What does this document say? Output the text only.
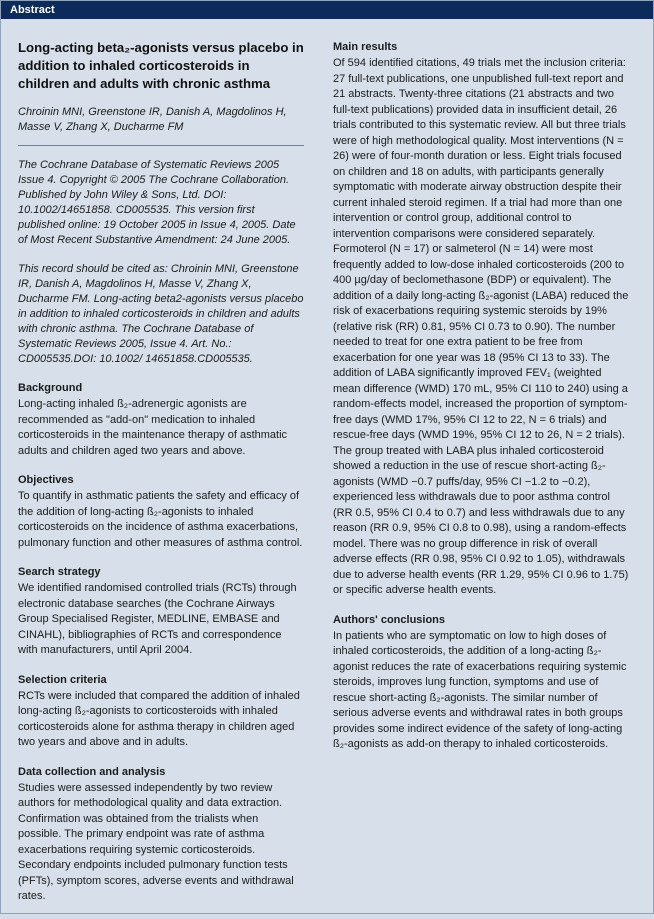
Abstract
Long-acting beta₂-agonists versus placebo in addition to inhaled corticosteroids in children and adults with chronic asthma
Chroinin MNI, Greenstone IR, Danish A, Magdolinos H, Masse V, Zhang X, Ducharme FM

The Cochrane Database of Systematic Reviews 2005 Issue 4. Copyright © 2005 The Cochrane Collaboration. Published by John Wiley & Sons, Ltd. DOI: 10.1002/14651858. CD005535. This version first published online: 19 October 2005 in Issue 4, 2005. Date of Most Recent Substantive Amendment: 24 June 2005.

This record should be cited as: Chroinin MNI, Greenstone IR, Danish A, Magdolinos H, Masse V, Zhang X, Ducharme FM. Long-acting beta2-agonists versus placebo in addition to inhaled corticosteroids in children and adults with chronic asthma. The Cochrane Database of Systematic Reviews 2005, Issue 4. Art. No.: CD005535.DOI: 10.1002/ 14651858.CD005535.

Background

Long-acting inhaled ß₂-adrenergic agonists are recommended as "add-on" medication to inhaled corticosteroids in the maintenance therapy of asthmatic adults and children aged two years and above.

Objectives

To quantify in asthmatic patients the safety and efficacy of the addition of long-acting ß₂-agonists to inhaled corticosteroids on the incidence of asthma exacerbations, pulmonary function and other measures of asthma control.

Search strategy

We identified randomised controlled trials (RCTs) through electronic database searches (the Cochrane Airways Group Specialised Register, MEDLINE, EMBASE and CINAHL), bibliographies of RCTs and correspondence with manufacturers, until April 2004.

Selection criteria

RCTs were included that compared the addition of inhaled long-acting ß₂-agonists to corticosteroids with inhaled corticosteroids alone for asthma therapy in children aged two years and above and in adults.

Data collection and analysis

Studies were assessed independently by two review authors for methodological quality and data extraction. Confirmation was obtained from the trialists when possible. The primary endpoint was rate of asthma exacerbations requiring systemic corticosteroids. Secondary endpoints included pulmonary function tests (PFTs), symptom scores, adverse events and withdrawal rates.

Main results

Of 594 identified citations, 49 trials met the inclusion criteria: 27 full-text publications, one unpublished full-text report and 21 abstracts. Twenty-three citations (21 abstracts and two full-text publications) provided data in insufficient detail, 26 trials contributed to this systematic review. All but three trials were of high methodological quality. Most interventions (N = 26) were of four-month duration or less. Eight trials focused on children and 18 on adults, with participants generally symptomatic with moderate airway obstruction despite their current inhaled steroid regimen. If a trial had more than one intervention or control group, additional control to intervention comparisons were considered separately. Formoterol (N = 17) or salmeterol (N = 14) were most frequently added to low-dose inhaled corticosteroids (200 to 400 µg/day of beclomethasone (BDP) or equivalent). The addition of a daily long-acting ß₂-agonist (LABA) reduced the risk of exacerbations requiring systemic steroids by 19% (relative risk (RR) 0.81, 95% CI 0.73 to 0.90). The number needed to treat for one extra patient to be free from exacerbation for one year was 18 (95% CI 13 to 33). The addition of LABA significantly improved FEV₁ (weighted mean difference (WMD) 170 mL, 95% CI 110 to 240) using a random-effects model, increased the proportion of symptom-free days (WMD 17%, 95% CI 12 to 22, N = 6 trials) and rescue-free days (WMD 19%, 95% CI 12 to 26, N = 2 trials). The group treated with LABA plus inhaled corticosteroid showed a reduction in the use of rescue short-acting ß₂-agonists (WMD −0.7 puffs/day, 95% CI −1.2 to −0.2), experienced less withdrawals due to poor asthma control (RR 0.5, 95% CI 0.4 to 0.7) and less withdrawals due to any reason (RR 0.9, 95% CI 0.8 to 0.98), using a random-effects model. There was no group difference in risk of overall adverse effects (RR 0.98, 95% CI 0.92 to 1.05), withdrawals due to adverse health events (RR 1.29, 95% CI 0.96 to 1.75) or specific adverse health events.

Authors' conclusions

In patients who are symptomatic on low to high doses of inhaled corticosteroids, the addition of a long-acting ß₂-agonist reduces the rate of exacerbations requiring systemic steroids, improves lung function, symptoms and use of rescue short-acting ß₂-agonists. The similar number of serious adverse events and withdrawal rates in both groups provides some indirect evidence of the safety of long-acting ß₂-agonists as add-on therapy to inhaled corticosteroids.
